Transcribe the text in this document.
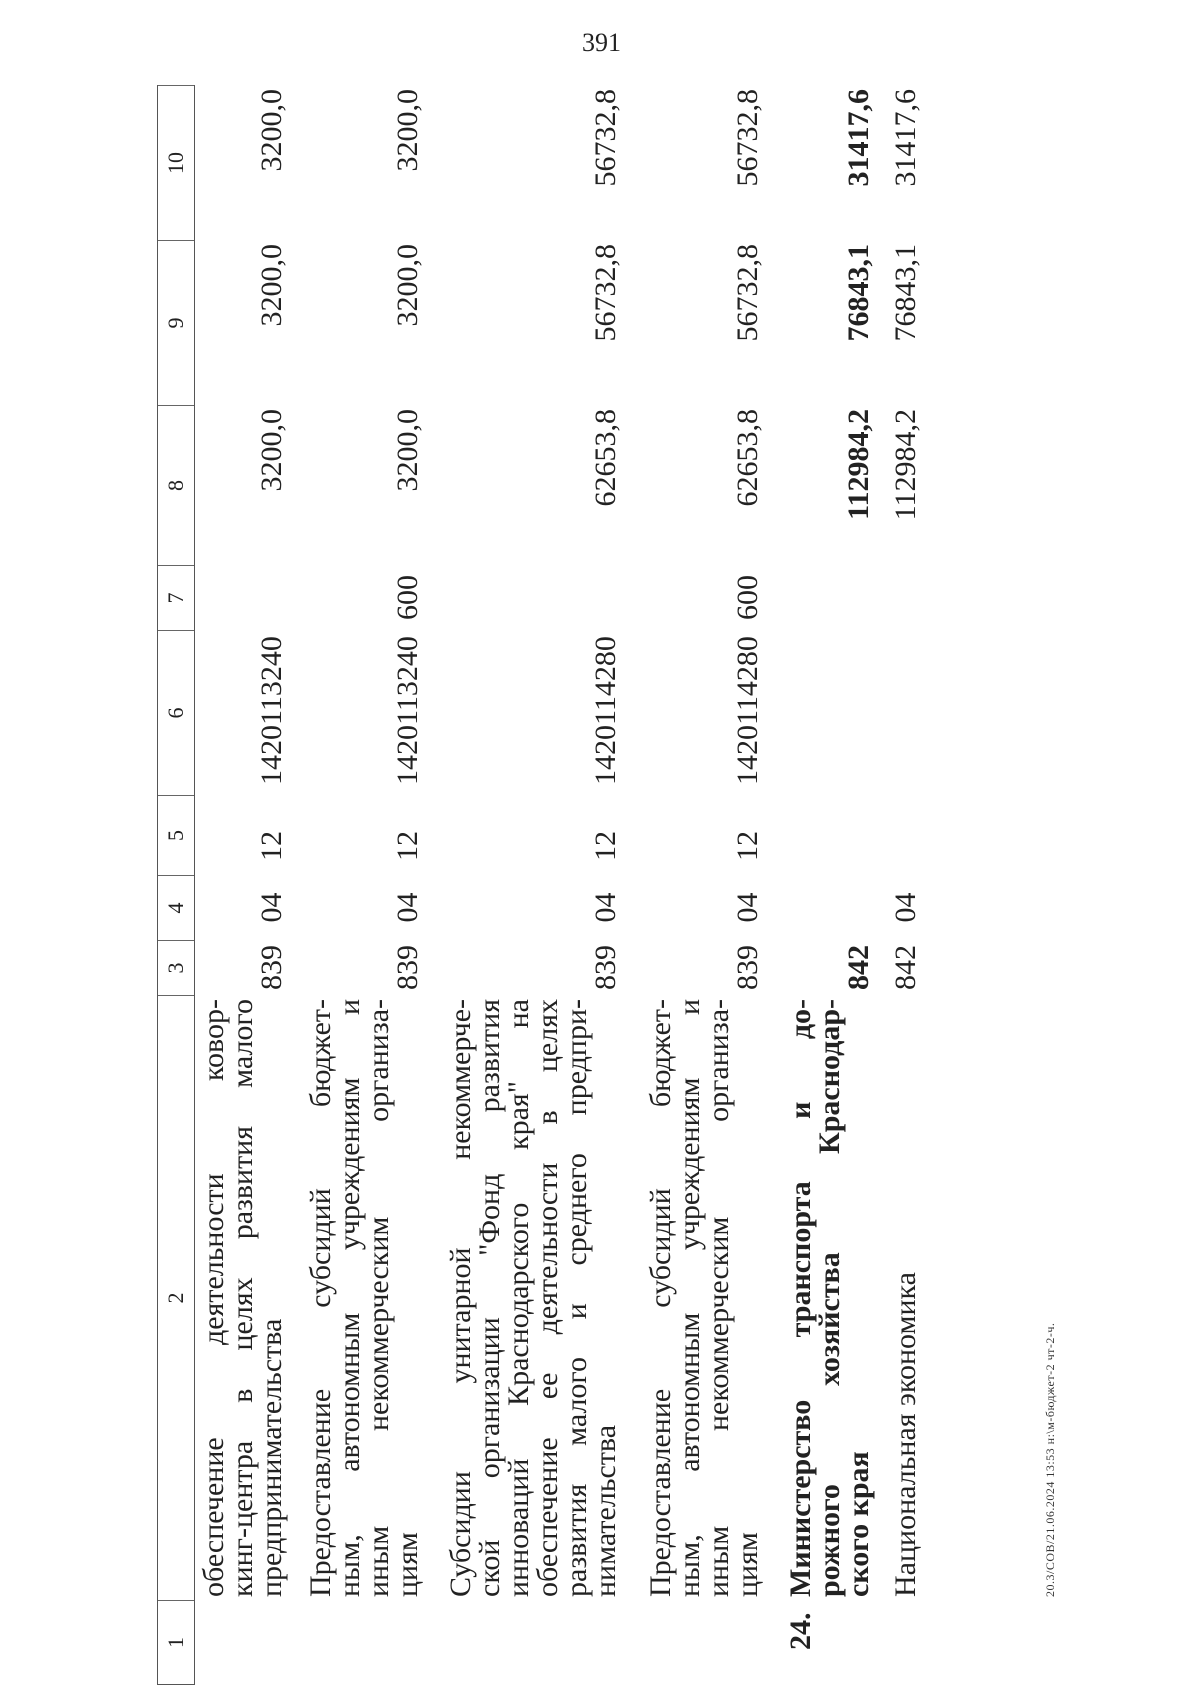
391
1
2
3
4
5
6
7
8
9
10
обеспечение деятельности ковор-
кинг-центра в целях развития малого
предпринимательства
839
04
12
1420113240
3200,0
3200,0
3200,0
Предоставление субсидий бюджет-
ным, автономным учреждениям и
иным некоммерческим организа-
циям
839
04
12
1420113240
600
3200,0
3200,0
3200,0
Субсидии унитарной некоммерче-
ской организации "Фонд развития
инноваций Краснодарского края" на
обеспечение ее деятельности в целях
развития малого и среднего предпри-
нимательства
839
04
12
1420114280
62653,8
56732,8
56732,8
Предоставление субсидий бюджет-
ным, автономным учреждениям и
иным некоммерческим организа-
циям
839
04
12
1420114280
600
62653,8
56732,8
56732,8
24.
Министерство транспорта и до-
рожного хозяйства Краснодар-
ского края
842
112984,2
76843,1
31417,6
Национальная экономика
842
04
112984,2
76843,1
31417,6
20.3/СОВ/21.06.2024 13:53 н:\м-бюджет-2 чт-2-ч.
